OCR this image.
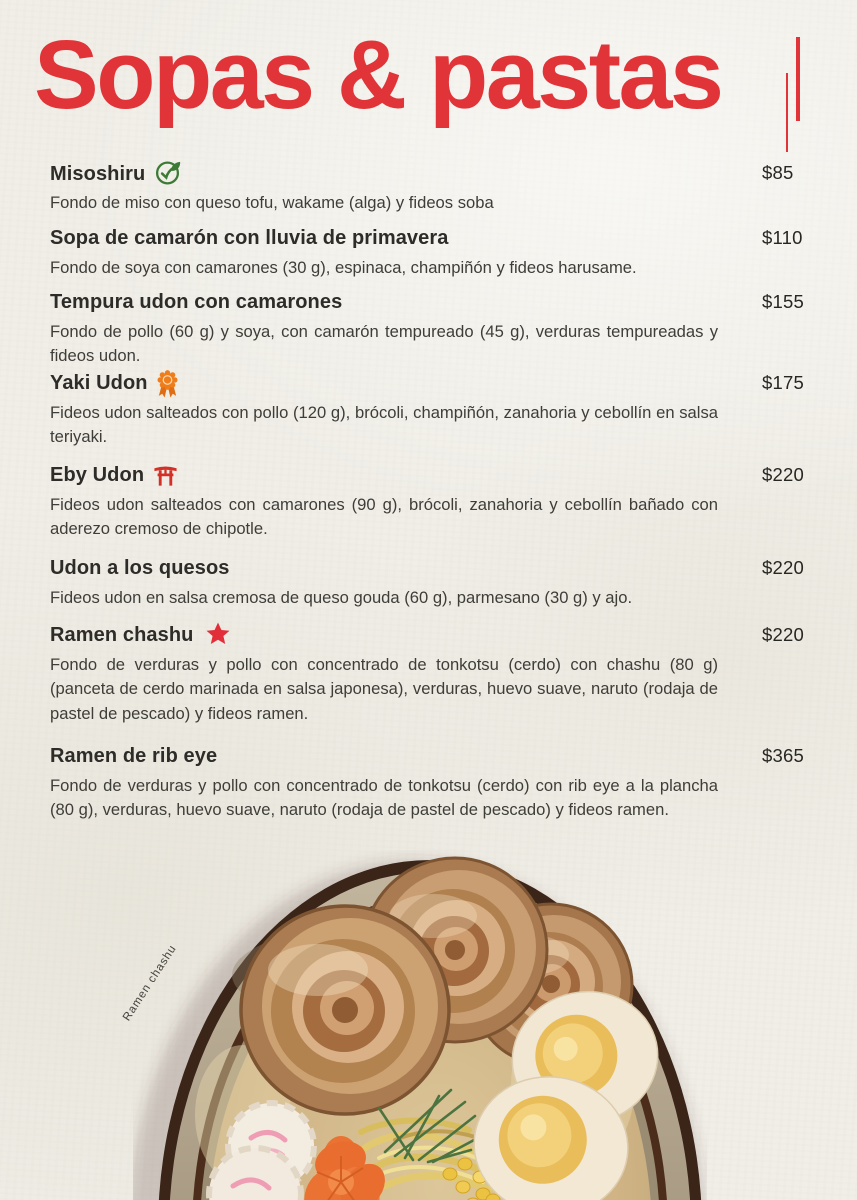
Sopas & pastas
Misoshiru	$85

Fondo de miso con queso tofu, wakame (alga) y fideos soba

Sopa de camarón con lluvia de primavera	$110

Fondo de soya con camarones (30 g), espinaca, champiñón y fideos harusame.

Tempura udon con camarones	$155

Fondo de pollo (60 g) y soya, con camarón tempureado (45 g), verduras tempureadas y fideos udon.

Yaki Udon	$175

Fideos udon salteados con pollo (120 g), brócoli, champiñón, zanahoria y cebollín en salsa teriyaki.

Eby Udon	$220

Fideos udon salteados con camarones (90 g), brócoli, zanahoria y cebollín bañado con aderezo cremoso de chipotle.

Udon a los quesos	$220

Fideos udon en salsa cremosa de queso gouda (60 g), parmesano (30 g) y ajo.

Ramen chashu	$220

Fondo de verduras y pollo con concentrado de tonkotsu (cerdo) con chashu (80 g) (panceta de cerdo marinada en salsa japonesa), verduras, huevo suave, naruto (rodaja de pastel de pescado) y fideos ramen.

Ramen de rib eye	$365

Fondo de verduras y pollo con concentrado de tonkotsu (cerdo) con rib eye a la plancha (80 g), verduras, huevo suave, naruto (rodaja de pastel de pescado) y fideos ramen.

Ramen chashu
